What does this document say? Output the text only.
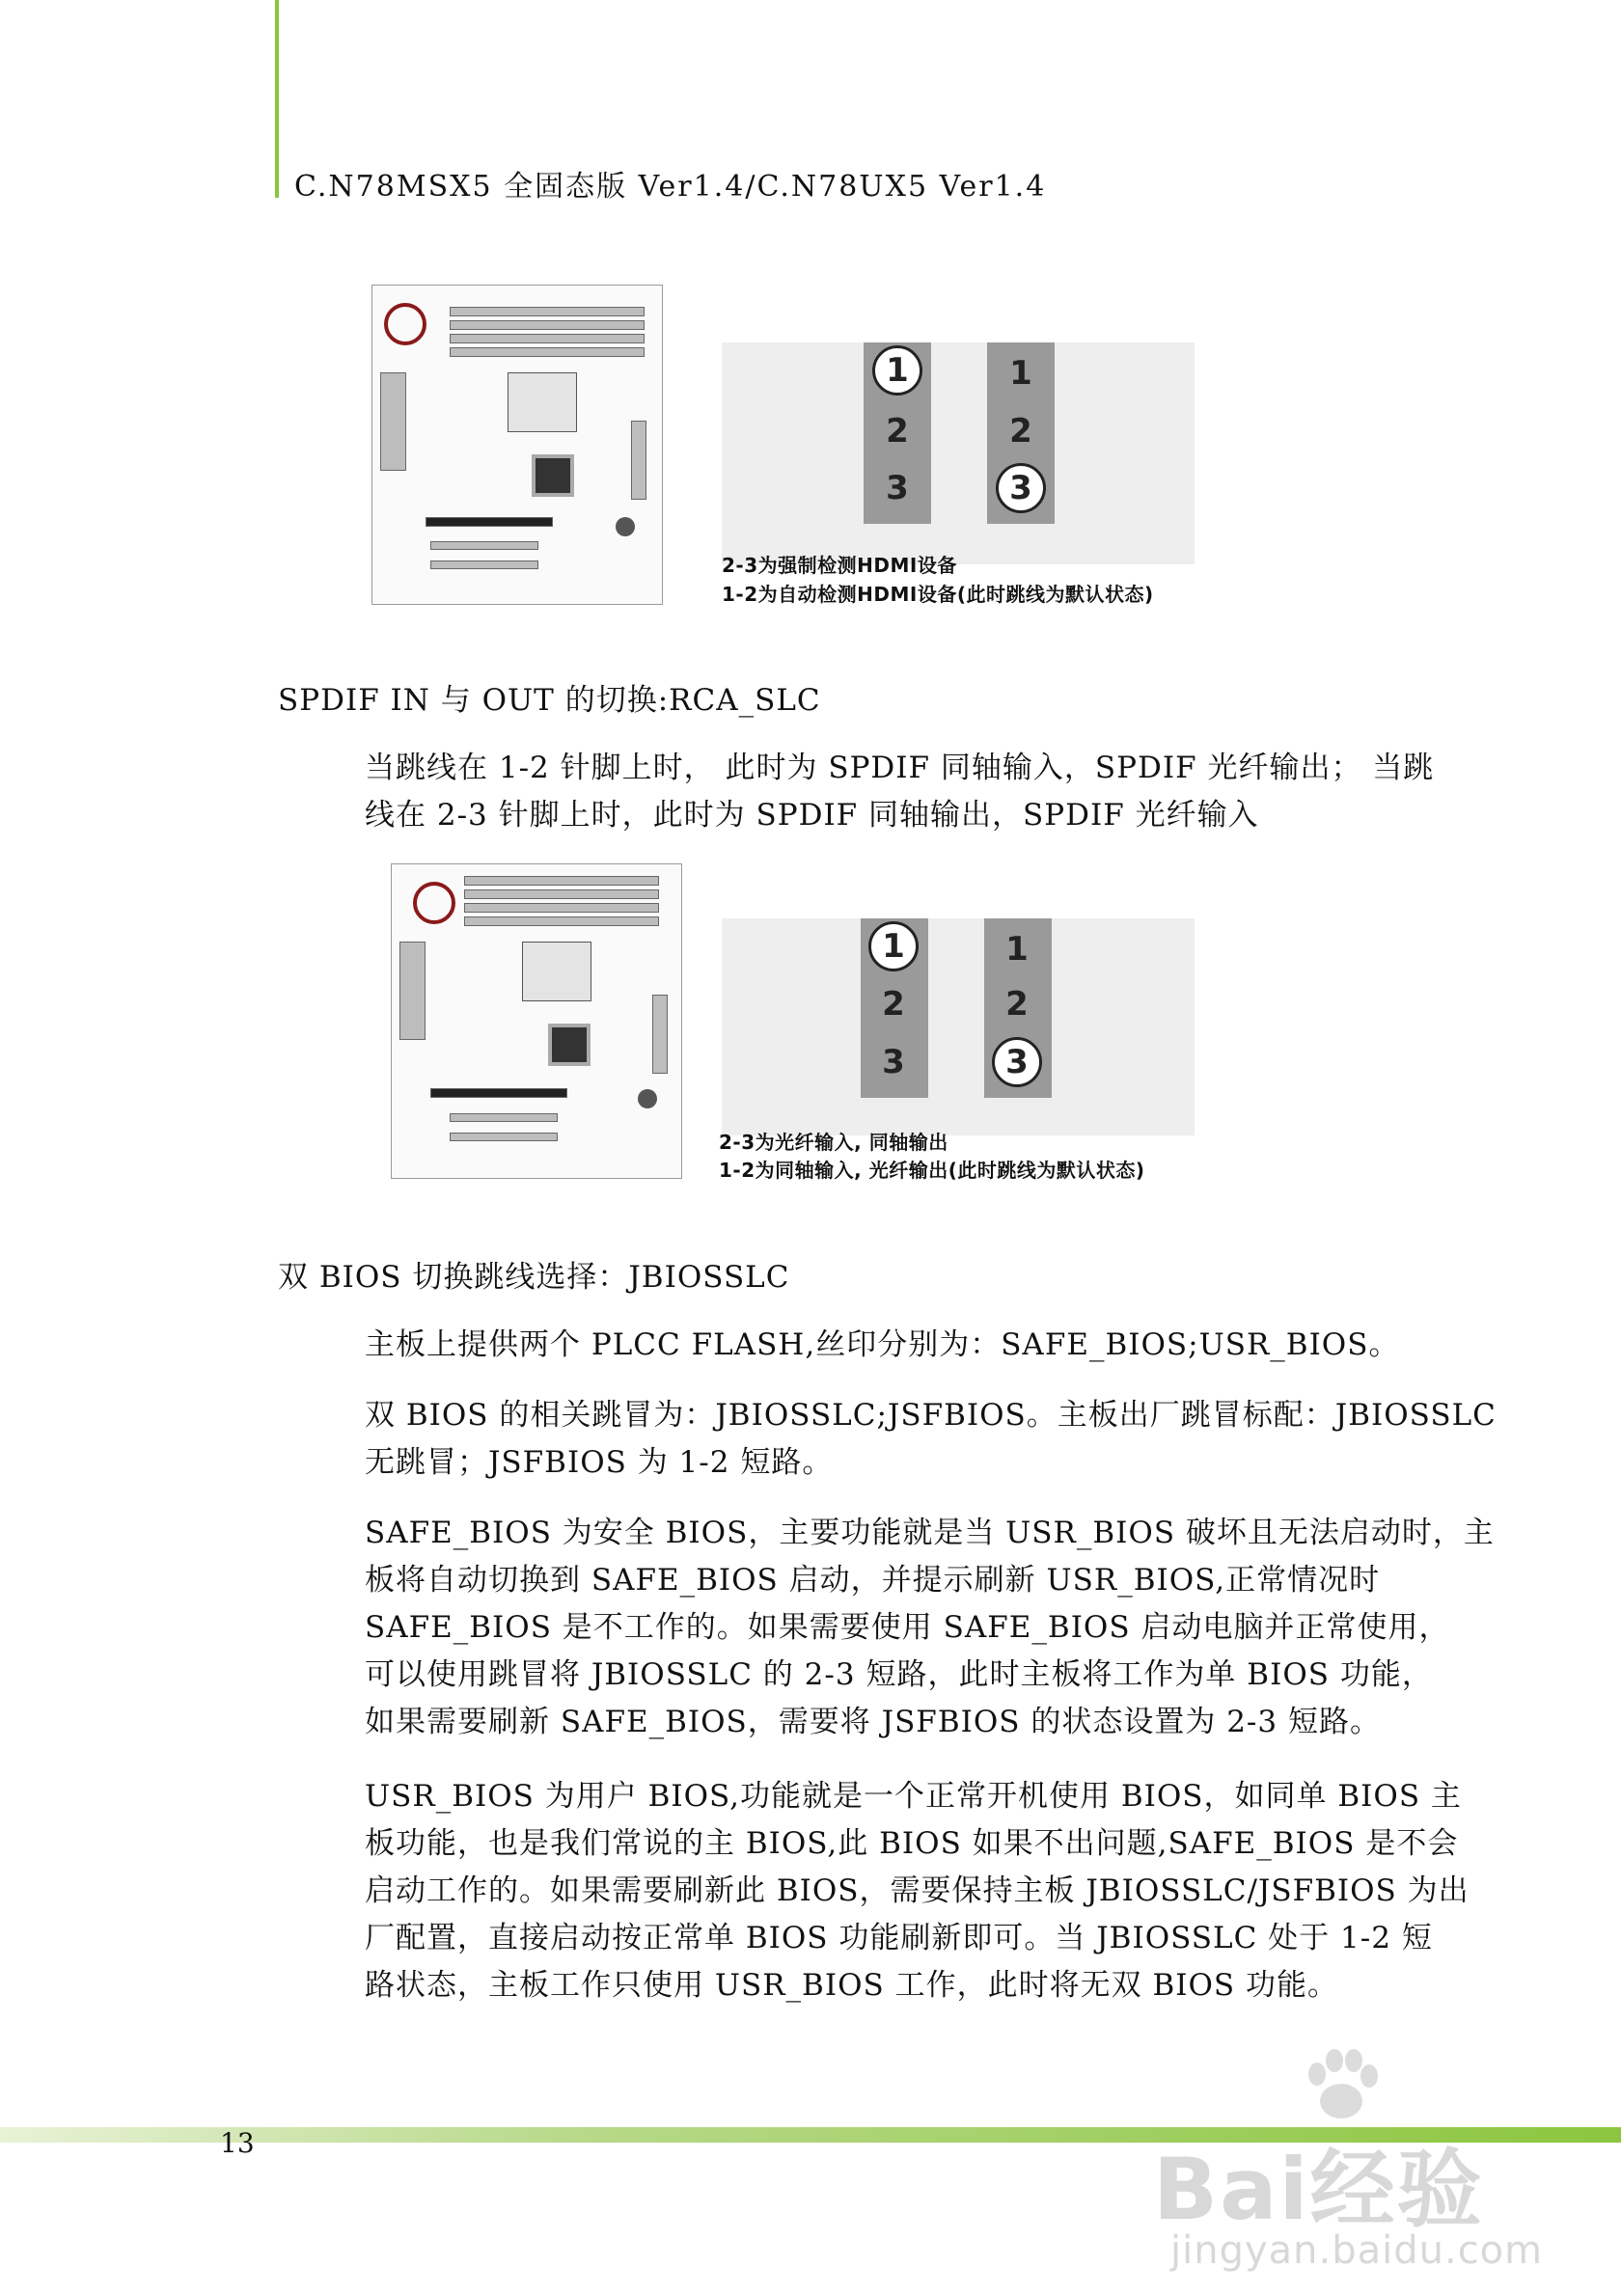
C.N78MSX5 全固态版 Ver1.4/C.N78UX5 Ver1.4
1
2
3
1
2
3
2-3为强制检测HDMI设备
1-2为自动检测HDMI设备(此时跳线为默认状态)
SPDIF IN 与 OUT 的切换:RCA_SLC
当跳线在 1-2 针脚上时， 此时为 SPDIF 同轴输入，SPDIF 光纤输出； 当跳
线在 2-3 针脚上时，此时为 SPDIF 同轴输出，SPDIF 光纤输入
1
2
3
1
2
3
2-3为光纤输入, 同轴输出
1-2为同轴输入, 光纤输出(此时跳线为默认状态)
双 BIOS 切换跳线选择：JBIOSSLC
主板上提供两个 PLCC FLASH,丝印分别为：SAFE_BIOS;USR_BIOS。
双 BIOS 的相关跳冒为：JBIOSSLC;JSFBIOS。主板出厂跳冒标配：JBIOSSLC
无跳冒；JSFBIOS 为 1-2 短路。
SAFE_BIOS 为安全 BIOS，主要功能就是当 USR_BIOS 破坏且无法启动时，主
板将自动切换到 SAFE_BIOS 启动，并提示刷新 USR_BIOS,正常情况时
SAFE_BIOS 是不工作的。如果需要使用 SAFE_BIOS 启动电脑并正常使用，
可以使用跳冒将 JBIOSSLC 的 2-3 短路，此时主板将工作为单 BIOS 功能，
如果需要刷新 SAFE_BIOS，需要将 JSFBIOS 的状态设置为 2-3 短路。
USR_BIOS 为用户 BIOS,功能就是一个正常开机使用 BIOS，如同单 BIOS 主
板功能，也是我们常说的主 BIOS,此 BIOS 如果不出问题,SAFE_BIOS 是不会
启动工作的。如果需要刷新此 BIOS，需要保持主板 JBIOSSLC/JSFBIOS 为出
厂配置，直接启动按正常单 BIOS 功能刷新即可。当 JBIOSSLC 处于 1-2 短
路状态，主板工作只使用 USR_BIOS 工作，此时将无双 BIOS 功能。
13	Bai经验
jingyan.baidu.com
